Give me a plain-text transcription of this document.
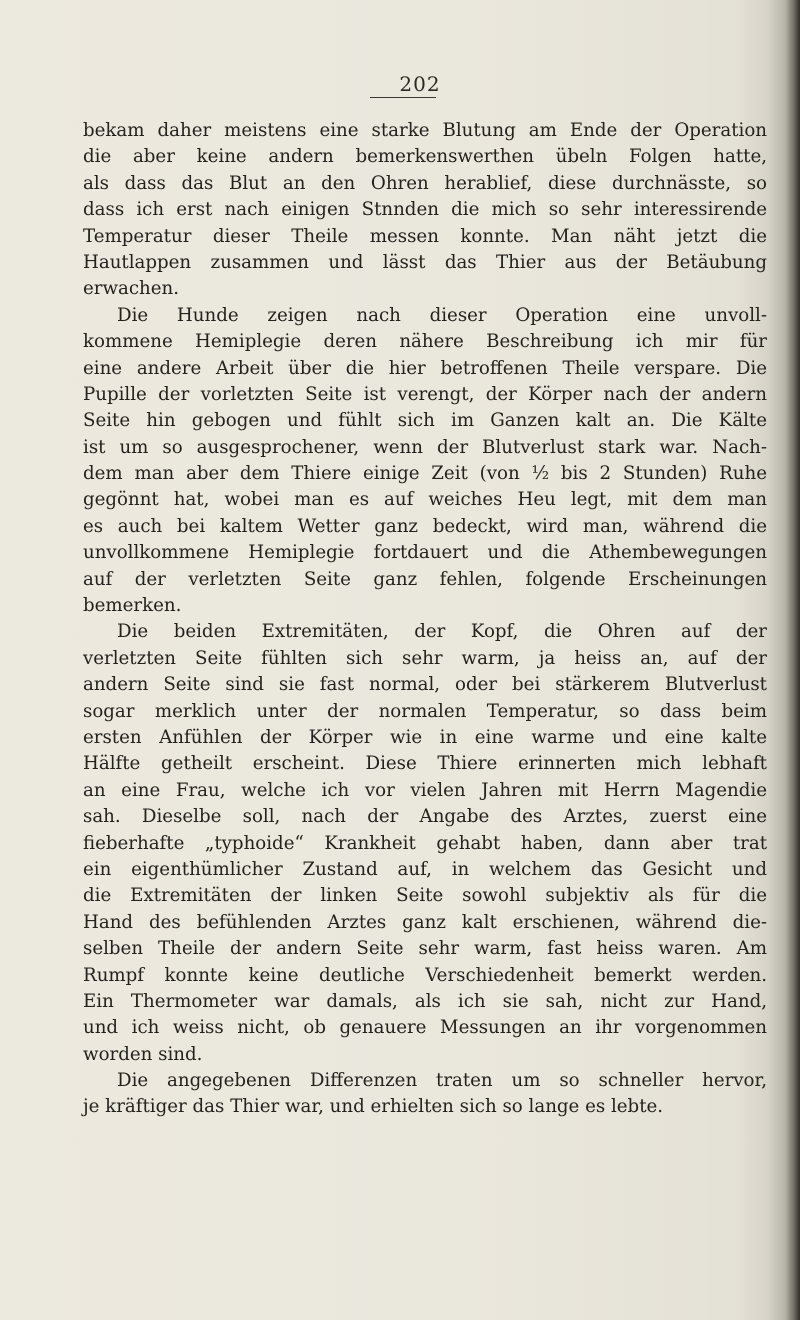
202
bekam daher meistens eine starke Blutung am Ende der Operation
die aber keine andern bemerkenswerthen übeln Folgen hatte,
als dass das Blut an den Ohren herablief, diese durchnässte, so
dass ich erst nach einigen Stnnden die mich so sehr interessirende
Temperatur dieser Theile messen konnte. Man näht jetzt die
Hautlappen zusammen und lässt das Thier aus der Betäubung
erwachen.
Die Hunde zeigen nach dieser Operation eine unvoll-
kommene Hemiplegie deren nähere Beschreibung ich mir für
eine andere Arbeit über die hier betroffenen Theile verspare. Die
Pupille der vorletzten Seite ist verengt, der Körper nach der andern
Seite hin gebogen und fühlt sich im Ganzen kalt an. Die Kälte
ist um so ausgesprochener, wenn der Blutverlust stark war. Nach-
dem man aber dem Thiere einige Zeit (von ½ bis 2 Stunden) Ruhe
gegönnt hat, wobei man es auf weiches Heu legt, mit dem man
es auch bei kaltem Wetter ganz bedeckt, wird man, während die
unvollkommene Hemiplegie fortdauert und die Athembewegungen
auf der verletzten Seite ganz fehlen, folgende Erscheinungen
bemerken.
Die beiden Extremitäten, der Kopf, die Ohren auf der
verletzten Seite fühlten sich sehr warm, ja heiss an, auf der
andern Seite sind sie fast normal, oder bei stärkerem Blutverlust
sogar merklich unter der normalen Temperatur, so dass beim
ersten Anfühlen der Körper wie in eine warme und eine kalte
Hälfte getheilt erscheint. Diese Thiere erinnerten mich lebhaft
an eine Frau, welche ich vor vielen Jahren mit Herrn Magendie
sah. Dieselbe soll, nach der Angabe des Arztes, zuerst eine
fieberhafte „typhoide“ Krankheit gehabt haben, dann aber trat
ein eigenthümlicher Zustand auf, in welchem das Gesicht und
die Extremitäten der linken Seite sowohl subjektiv als für die
Hand des befühlenden Arztes ganz kalt erschienen, während die-
selben Theile der andern Seite sehr warm, fast heiss waren. Am
Rumpf konnte keine deutliche Verschiedenheit bemerkt werden.
Ein Thermometer war damals, als ich sie sah, nicht zur Hand,
und ich weiss nicht, ob genauere Messungen an ihr vorgenommen
worden sind.
Die angegebenen Differenzen traten um so schneller hervor,
je kräftiger das Thier war, und erhielten sich so lange es lebte.
